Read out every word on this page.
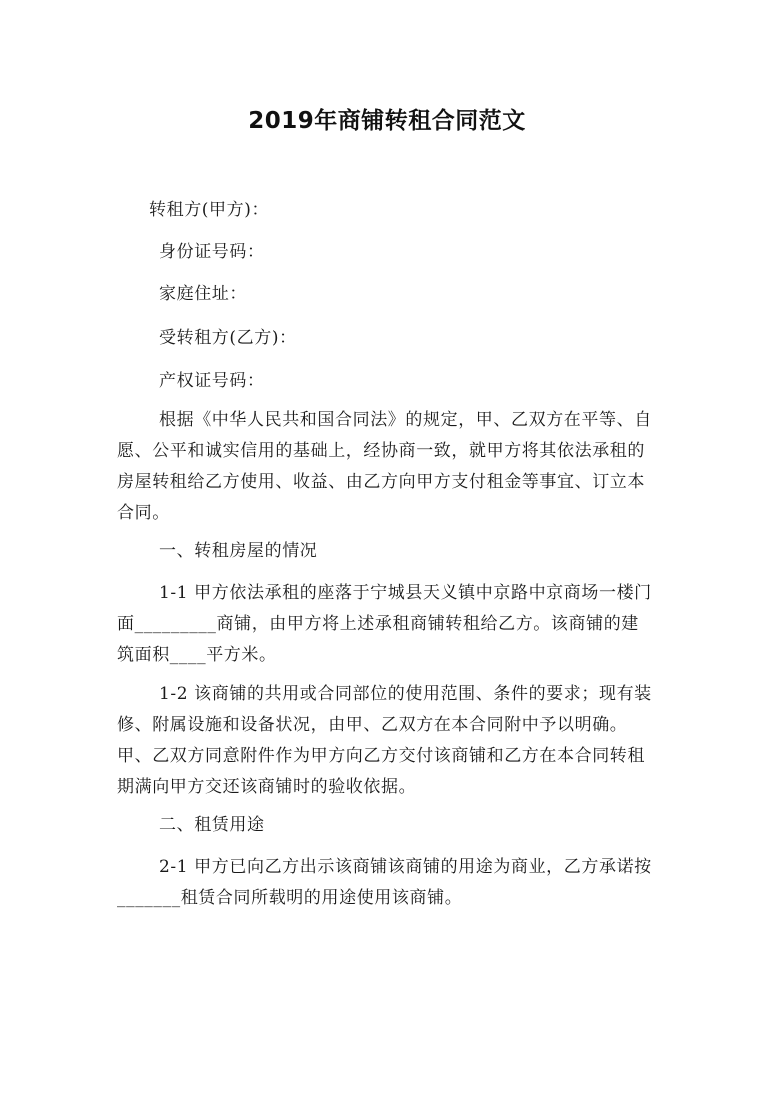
2019年商铺转租合同范文
转租方(甲方)：
身份证号码：
家庭住址：
受转租方(乙方)：
产权证号码：
根据《中华人民共和国合同法》的规定，甲、乙双方在平等、自
愿、公平和诚实信用的基础上，经协商一致，就甲方将其依法承租的
房屋转租给乙方使用、收益、由乙方向甲方支付租金等事宜、订立本
合同。
一、转租房屋的情况
1-1 甲方依法承租的座落于宁城县天义镇中京路中京商场一楼门
面_________商铺，由甲方将上述承租商铺转租给乙方。该商铺的建
筑面积____平方米。
1-2 该商铺的共用或合同部位的使用范围、条件的要求；现有装
修、附属设施和设备状况，由甲、乙双方在本合同附中予以明确。
甲、乙双方同意附件作为甲方向乙方交付该商铺和乙方在本合同转租
期满向甲方交还该商铺时的验收依据。
二、租赁用途
2-1 甲方已向乙方出示该商铺该商铺的用途为商业，乙方承诺按
_______租赁合同所载明的用途使用该商铺。
